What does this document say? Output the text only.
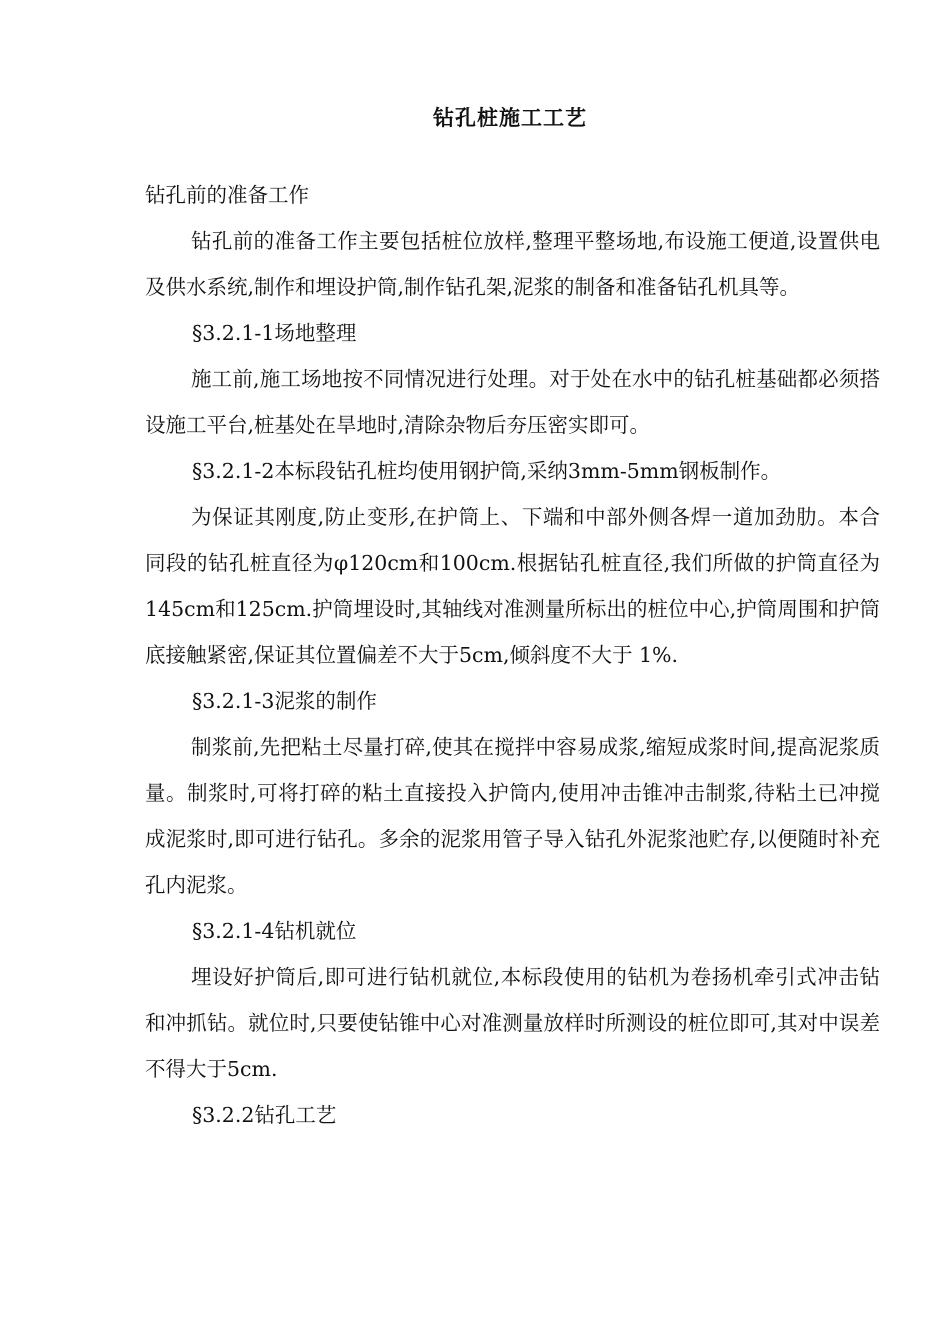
钻孔桩施工工艺

钻孔前的准备工作

钻孔前的准备工作主要包括桩位放样,整理平整场地,布设施工便道,设置供电及供水系统,制作和埋设护筒,制作钻孔架,泥浆的制备和准备钻孔机具等。

§3.2.1-1场地整理

施工前,施工场地按不同情况进行处理。对于处在水中的钻孔桩基础都必须搭设施工平台,桩基处在旱地时,清除杂物后夯压密实即可。

§3.2.1-2本标段钻孔桩均使用钢护筒,采纳3mm-5mm钢板制作。

为保证其刚度,防止变形,在护筒上、下端和中部外侧各焊一道加劲肋。本合同段的钻孔桩直径为φ120cm和100cm.根据钻孔桩直径,我们所做的护筒直径为145cm和125cm.护筒埋设时,其轴线对准测量所标出的桩位中心,护筒周围和护筒底接触紧密,保证其位置偏差不大于5cm,倾斜度不大于 1%.

§3.2.1-3泥浆的制作

制浆前,先把粘土尽量打碎,使其在搅拌中容易成浆,缩短成浆时间,提高泥浆质量。制浆时,可将打碎的粘土直接投入护筒内,使用冲击锥冲击制浆,待粘土已冲搅成泥浆时,即可进行钻孔。多余的泥浆用管子导入钻孔外泥浆池贮存,以便随时补充孔内泥浆。

§3.2.1-4钻机就位

埋设好护筒后,即可进行钻机就位,本标段使用的钻机为卷扬机牵引式冲击钻和冲抓钻。就位时,只要使钻锥中心对准测量放样时所测设的桩位即可,其对中误差不得大于5cm.

§3.2.2钻孔工艺
